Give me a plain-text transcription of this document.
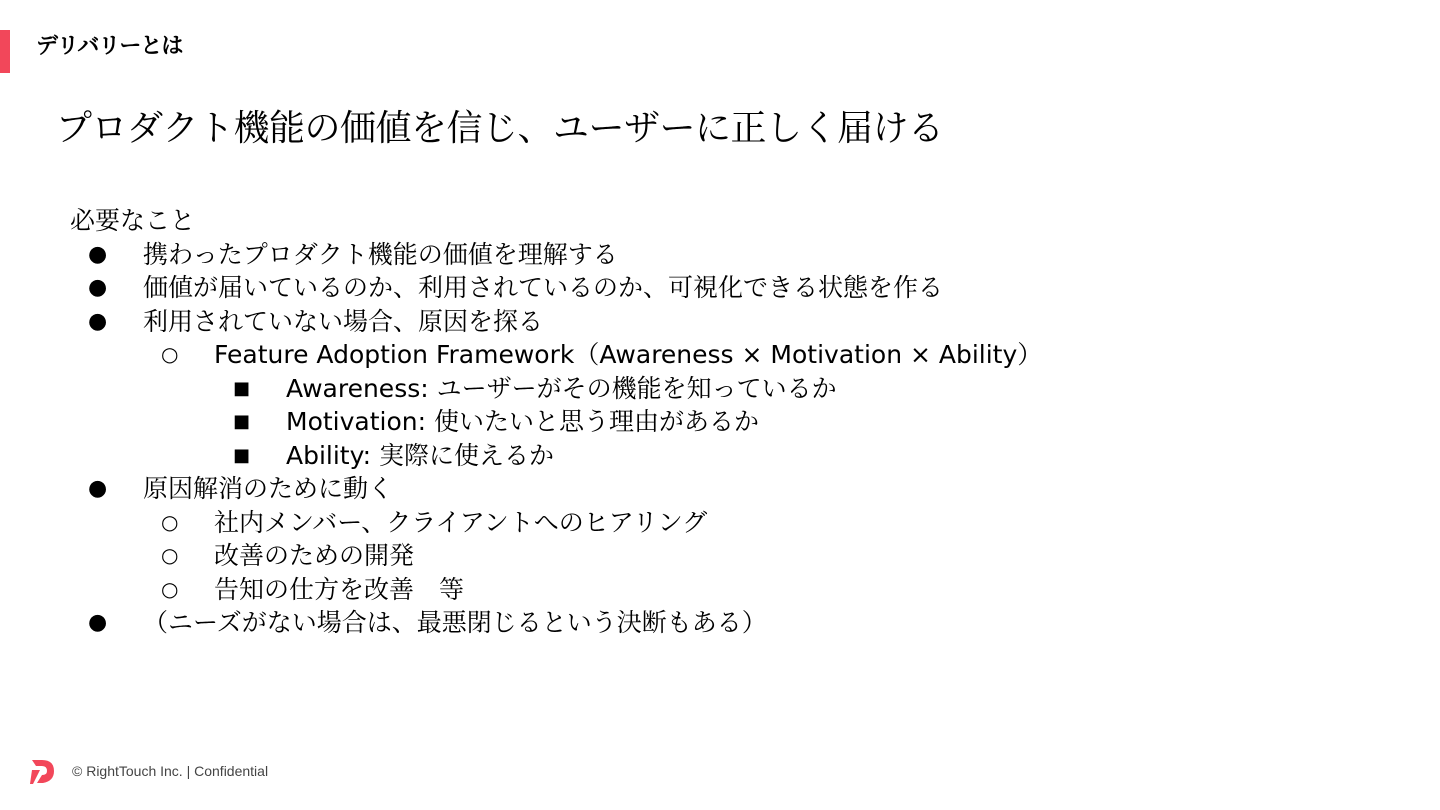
デリバリーとは
プロダクト機能の価値を信じ、ユーザーに正しく届ける
必要なこと
● 携わったプロダクト機能の価値を理解する
● 価値が届いているのか、利用されているのか、可視化できる状態を作る
● 利用されていない場合、原因を探る
○ Feature Adoption Framework（Awareness × Motivation × Ability）
■ Awareness: ユーザーがその機能を知っているか
■ Motivation: 使いたいと思う理由があるか
■ Ability: 実際に使えるか
● 原因解消のために動く
○ 社内メンバー、クライアントへのヒアリング
○ 改善のための開発
○ 告知の仕方を改善　等
● （ニーズがない場合は、最悪閉じるという決断もある）
© RightTouch Inc. | Confidential
